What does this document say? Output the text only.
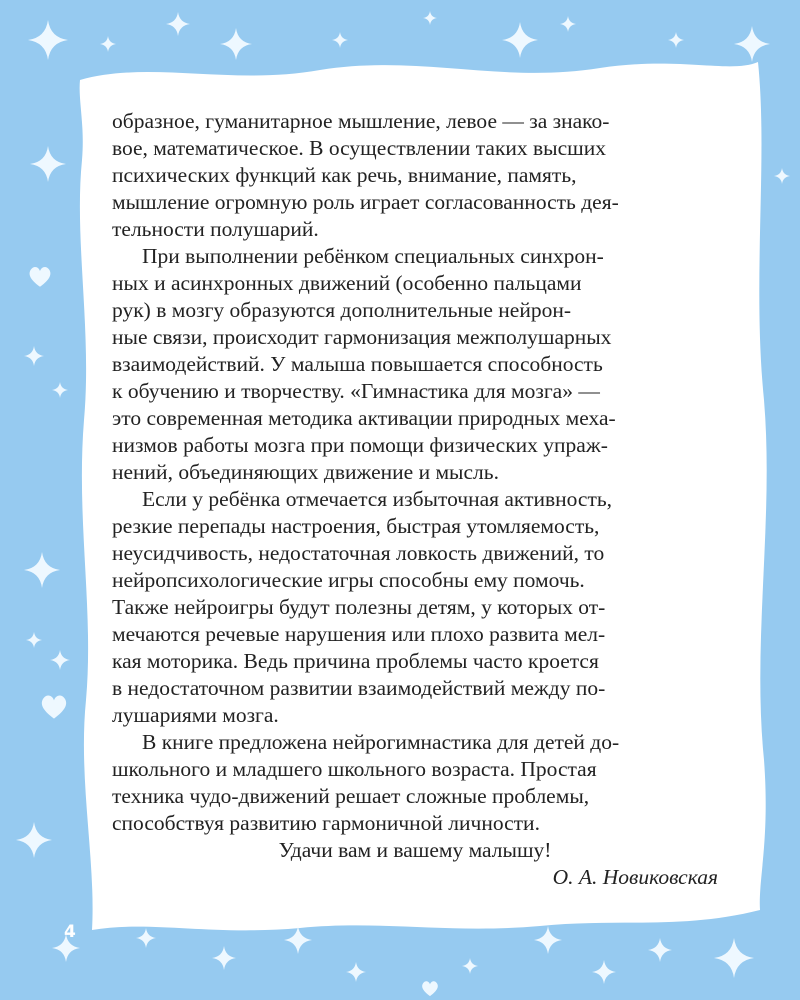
образное, гуманитарное мышление, левое — за знако-
вое, математическое. В осуществлении таких высших
психических функций как речь, внимание, память,
мышление огромную роль играет согласованность дея-
тельности полушарий.

При выполнении ребёнком специальных синхрон-
ных и асинхронных движений (особенно пальцами
рук) в мозгу образуются дополнительные нейрон-
ные связи, происходит гармонизация межполушарных
взаимодействий. У малыша повышается способность
к обучению и творчеству. «Гимнастика для мозга» —
это современная методика активации природных меха-
низмов работы мозга при помощи физических упраж-
нений, объединяющих движение и мысль.

Если у ребёнка отмечается избыточная активность,
резкие перепады настроения, быстрая утомляемость,
неусидчивость, недостаточная ловкость движений, то
нейропсихологические игры способны ему помочь.
Также нейроигры будут полезны детям, у которых от-
мечаются речевые нарушения или плохо развита мел-
кая моторика. Ведь причина проблемы часто кроется
в недостаточном развитии взаимодействий между по-
лушариями мозга.

В книге предложена нейрогимнастика для детей до-
школьного и младшего школьного возраста. Простая
техника чудо-движений решает сложные проблемы,
способствуя развитию гармоничной личности.

Удачи вам и вашему малышу!

О. А. Новиковская

4
